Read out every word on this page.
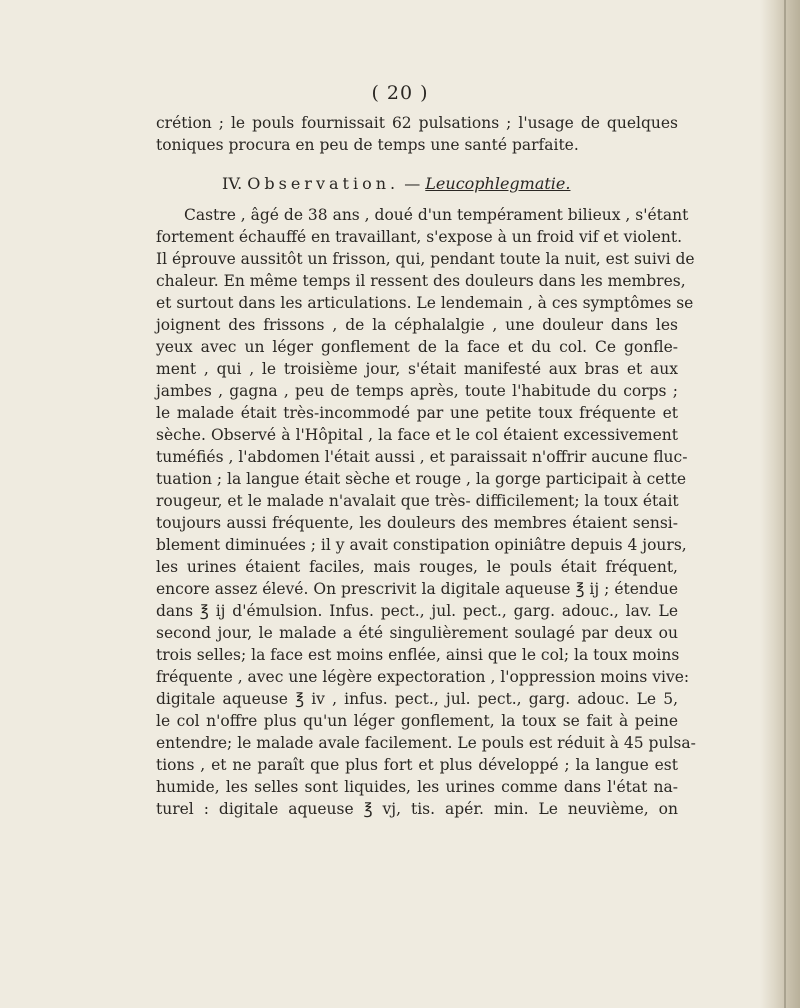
( 20 )
crétion ; le pouls fournissait 62 pulsations ; l'usage de quelques
toniques procura en peu de temps une santé parfaite.
IV. Observation. — Leucophlegmatie.
Castre , âgé de 38 ans , doué d'un tempérament bilieux , s'étant
fortement échauffé en travaillant, s'expose à un froid vif et violent.
Il éprouve aussitôt un frisson, qui, pendant toute la nuit, est suivi de
chaleur. En même temps il ressent des douleurs dans les membres,
et surtout dans les articulations. Le lendemain , à ces symptômes se
joignent des frissons , de la céphalalgie , une douleur dans les
yeux avec un léger gonflement de la face et du col. Ce gonfle-
ment , qui , le troisième jour, s'était manifesté aux bras et aux
jambes , gagna , peu de temps après, toute l'habitude du corps ;
le malade était très-incommodé par une petite toux fréquente et
sèche. Observé à l'Hôpital , la face et le col étaient excessivement
tuméfiés , l'abdomen l'était aussi , et paraissait n'offrir aucune fluc-
tuation ; la langue était sèche et rouge , la gorge participait à cette
rougeur, et le malade n'avalait que très- difficilement; la toux était
toujours aussi fréquente, les douleurs des membres étaient sensi-
blement diminuées ; il y avait constipation opiniâtre depuis 4 jours,
les urines étaient faciles, mais rouges, le pouls était fréquent,
encore assez élevé. On prescrivit la digitale aqueuse ℥ ij ; étendue
dans ℥ ij d'émulsion. Infus. pect., jul. pect., garg. adouc., lav. Le
second jour, le malade a été singulièrement soulagé par deux ou
trois selles; la face est moins enflée, ainsi que le col; la toux moins
fréquente , avec une légère expectoration , l'oppression moins vive:
digitale aqueuse ℥ iv , infus. pect., jul. pect., garg. adouc. Le 5,
le col n'offre plus qu'un léger gonflement, la toux se fait à peine
entendre; le malade avale facilement. Le pouls est réduit à 45 pulsa-
tions , et ne paraît que plus fort et plus développé ; la langue est
humide, les selles sont liquides, les urines comme dans l'état na-
turel : digitale aqueuse ℥ vj, tis. apér. min. Le neuvième, on
